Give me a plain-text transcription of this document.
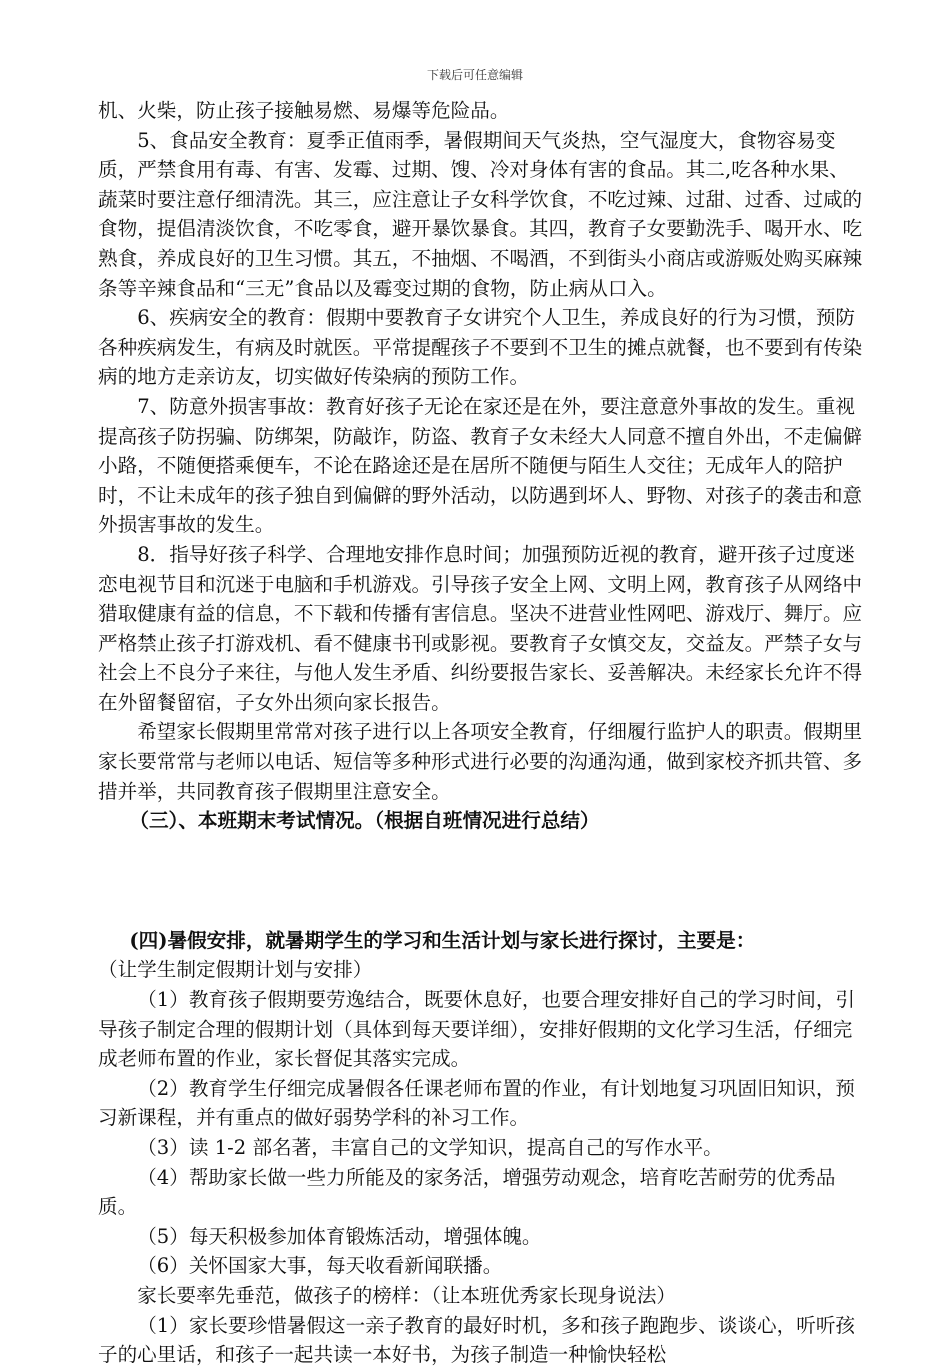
下载后可任意编辑

机、火柴，防止孩子接触易燃、易爆等危险品。

5、食品安全教育：夏季正值雨季，暑假期间天气炎热，空气湿度大，食物容易变质，严禁食用有毒、有害、发霉、过期、馊、冷对身体有害的食品。其二,吃各种水果、蔬菜时要注意仔细清洗。其三，应注意让子女科学饮食，不吃过辣、过甜、过香、过咸的食物，提倡清淡饮食，不吃零食，避开暴饮暴食。其四，教育子女要勤洗手、喝开水、吃熟食，养成良好的卫生习惯。其五，不抽烟、不喝酒，不到街头小商店或游贩处购买麻辣条等辛辣食品和“三无”食品以及霉变过期的食物，防止病从口入。

6、疾病安全的教育：假期中要教育子女讲究个人卫生，养成良好的行为习惯，预防各种疾病发生，有病及时就医。平常提醒孩子不要到不卫生的摊点就餐，也不要到有传染病的地方走亲访友，切实做好传染病的预防工作。

7、防意外损害事故：教育好孩子无论在家还是在外，要注意意外事故的发生。重视提高孩子防拐骗、防绑架，防敲诈，防盗、教育子女未经大人同意不擅自外出，不走偏僻小路，不随便搭乘便车，不论在路途还是在居所不随便与陌生人交往；无成年人的陪护时，不让未成年的孩子独自到偏僻的野外活动，以防遇到坏人、野物、对孩子的袭击和意外损害事故的发生。

8．指导好孩子科学、合理地安排作息时间；加强预防近视的教育，避开孩子过度迷恋电视节目和沉迷于电脑和手机游戏。引导孩子安全上网、文明上网，教育孩子从网络中猎取健康有益的信息，不下载和传播有害信息。坚决不进营业性网吧、游戏厅、舞厅。应严格禁止孩子打游戏机、看不健康书刊或影视。要教育子女慎交友，交益友。严禁子女与社会上不良分子来往，与他人发生矛盾、纠纷要报告家长、妥善解决。未经家长允许不得在外留餐留宿，子女外出须向家长报告。

希望家长假期里常常对孩子进行以上各项安全教育，仔细履行监护人的职责。假期里家长要常常与老师以电话、短信等多种形式进行必要的沟通沟通，做到家校齐抓共管、多措并举，共同教育孩子假期里注意安全。

（三）、本班期末考试情况。（根据自班情况进行总结）

(四)暑假安排，就暑期学生的学习和生活计划与家长进行探讨，主要是：

（让学生制定假期计划与安排）

（1）教育孩子假期要劳逸结合，既要休息好，也要合理安排好自己的学习时间，引导孩子制定合理的假期计划（具体到每天要详细），安排好假期的文化学习生活，仔细完成老师布置的作业，家长督促其落实完成。

（2）教育学生仔细完成暑假各任课老师布置的作业，有计划地复习巩固旧知识，预习新课程，并有重点的做好弱势学科的补习工作。

（3）读 1-2 部名著，丰富自己的文学知识，提高自己的写作水平。

（4）帮助家长做一些力所能及的家务活，增强劳动观念，培育吃苦耐劳的优秀品质。

（5）每天积极参加体育锻炼活动，增强体魄。

（6）关怀国家大事，每天收看新闻联播。

家长要率先垂范，做孩子的榜样：（让本班优秀家长现身说法）

（1）家长要珍惜暑假这一亲子教育的最好时机，多和孩子跑跑步、谈谈心，听听孩子的心里话，和孩子一起共读一本好书，为孩子制造一种愉快轻松
